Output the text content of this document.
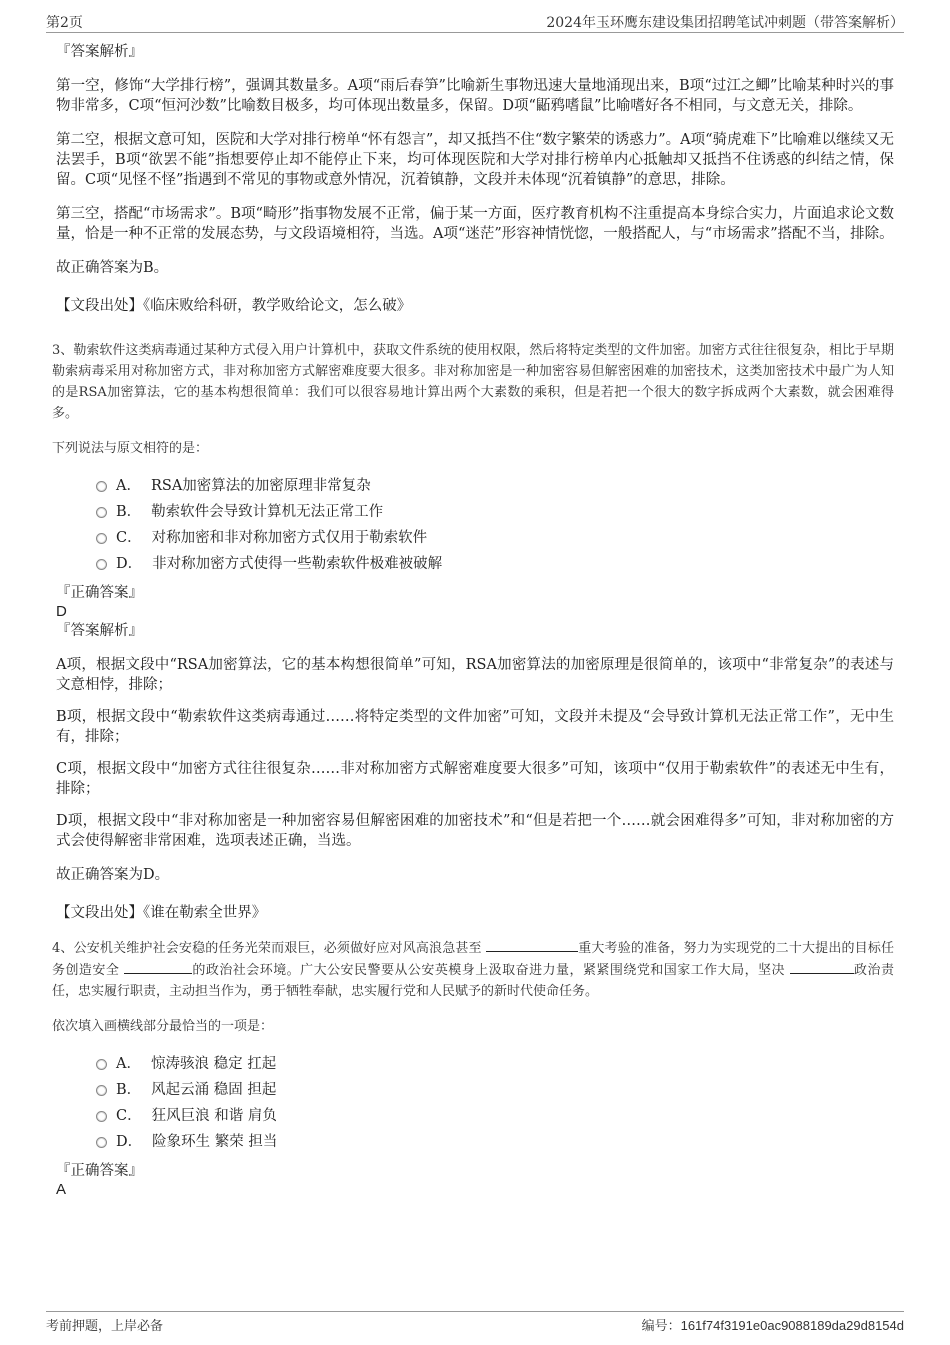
第2页	2024年玉环鹰东建设集团招聘笔试冲刺题（带答案解析）

『答案解析』

第一空，修饰“大学排行榜”，强调其数量多。A项“雨后春笋”比喻新生事物迅速大量地涌现出来，B项“过江之鲫”比喻某种时兴的事物非常多，C项“恒河沙数”比喻数目极多，均可体现出数量多，保留。D项“鼫鸦嗜鼠”比喻嗜好各不相同，与文意无关，排除。

第二空，根据文意可知，医院和大学对排行榜单“怀有怨言”，却又抵挡不住“数字繁荣的诱惑力”。A项“骑虎难下”比喻难以继续又无法罢手，B项“欲罢不能”指想要停止却不能停止下来，均可体现医院和大学对排行榜单内心抵触却又抵挡不住诱惑的纠结之情，保留。C项“见怪不怪”指遇到不常见的事物或意外情况，沉着镇静，文段并未体现“沉着镇静”的意思，排除。

第三空，搭配“市场需求”。B项“畸形”指事物发展不正常，偏于某一方面，医疗教育机构不注重提高本身综合实力，片面追求论文数量，恰是一种不正常的发展态势，与文段语境相符，当选。A项“迷茫”形容神情恍惚，一般搭配人，与“市场需求”搭配不当，排除。

故正确答案为B。

【文段出处】《临床败给科研，教学败给论文，怎么破》

3、勒索软件这类病毒通过某种方式侵入用户计算机中，获取文件系统的使用权限，然后将特定类型的文件加密。加密方式往往很复杂，相比于早期勒索病毒采用对称加密方式，非对称加密方式解密难度要大很多。非对称加密是一种加密容易但解密困难的加密技术，这类加密技术中最广为人知的是RSA加密算法，它的基本构想很简单：我们可以很容易地计算出两个大素数的乘积，但是若把一个很大的数字拆成两个大素数，就会困难得多。

下列说法与原文相符的是：

A． RSA加密算法的加密原理非常复杂
B． 勒索软件会导致计算机无法正常工作
C． 对称加密和非对称加密方式仅用于勒索软件
D． 非对称加密方式使得一些勒索软件极难被破解

『正确答案』

D

『答案解析』

A项，根据文段中“RSA加密算法，它的基本构想很简单”可知，RSA加密算法的加密原理是很简单的，该项中“非常复杂”的表述与文意相悖，排除；

B项，根据文段中“勒索软件这类病毒通过……将特定类型的文件加密”可知，文段并未提及“会导致计算机无法正常工作”，无中生有，排除；

C项，根据文段中“加密方式往往很复杂……非对称加密方式解密难度要大很多”可知，该项中“仅用于勒索软件”的表述无中生有，排除；

D项，根据文段中“非对称加密是一种加密容易但解密困难的加密技术”和“但是若把一个……就会困难得多”可知，非对称加密的方式会使得解密非常困难，选项表述正确，当选。

故正确答案为D。

【文段出处】《谁在勒索全世界》

4、公安机关维护社会安稳的任务光荣而艰巨，必须做好应对风高浪急甚至	重大考验的准备，努力为实现党的二十大提出的目标任务创造安全	的政治社会环境。广大公安民警要从公安英模身上汲取奋进力量，紧紧围绕党和国家工作大局，坚决	政治责任，忠实履行职责，主动担当作为，勇于牺牲奉献，忠实履行党和人民赋予的新时代使命任务。

依次填入画横线部分最恰当的一项是：

A． 惊涛骇浪 稳定 扛起
B． 风起云涌 稳固 担起
C． 狂风巨浪 和谐 肩负
D． 险象环生 繁荣 担当

『正确答案』

A

考前押题，上岸必备	编号：161f74f3191e0ac9088189da29d8154d
